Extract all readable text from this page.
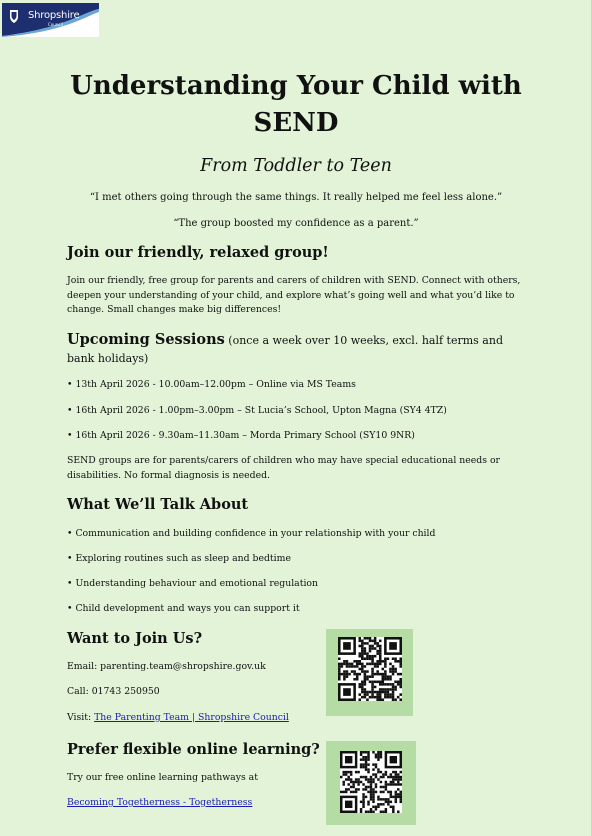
Shropshire
Council
Understanding Your Child with
SEND
From Toddler to Teen
“I met others going through the same things. It really helped me feel less alone.”
“The group boosted my confidence as a parent.”
Join our friendly, relaxed group!
Join our friendly, free group for parents and carers of children with SEND. Connect with others, deepen your understanding of your child, and explore what’s going well and what you’d like to change. Small changes make big differences!
Upcoming Sessions (once a week over 10 weeks, excl. half terms and bank holidays)
• 13th April 2026 - 10.00am–12.00pm – Online via MS Teams
• 16th April 2026 - 1.00pm–3.00pm – St Lucia’s School, Upton Magna (SY4 4TZ)
• 16th April 2026 - 9.30am–11.30am – Morda Primary School (SY10 9NR)
SEND groups are for parents/carers of children who may have special educational needs or disabilities. No formal diagnosis is needed.
What We’ll Talk About
• Communication and building confidence in your relationship with your child
• Exploring routines such as sleep and bedtime
• Understanding behaviour and emotional regulation
• Child development and ways you can support it
Want to Join Us?
Email: parenting.team@shropshire.gov.uk
Call: 01743 250950
Visit: The Parenting Team | Shropshire Council
Prefer flexible online learning?
Try our free online learning pathways at
Becoming Togetherness - Togetherness
